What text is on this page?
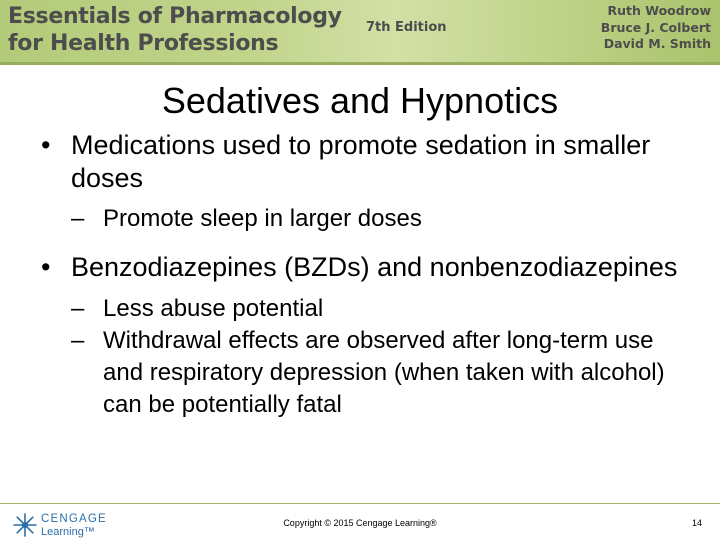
Essentials of Pharmacology
for Health Professions
7th Edition
Ruth Woodrow
Bruce J. Colbert
David M. Smith
Sedatives and Hypnotics
• Medications used to promote sedation in smaller doses
– Promote sleep in larger doses
• Benzodiazepines (BZDs) and nonbenzodiazepines
– Less abuse potential
– Withdrawal effects are observed after long-term use and respiratory depression (when taken with alcohol) can be potentially fatal
CENGAGE
Learning™
Copyright © 2015 Cengage Learning®	14
